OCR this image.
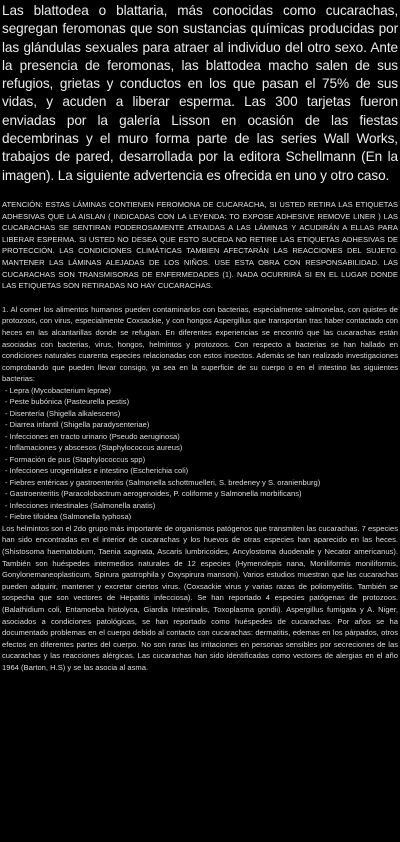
Las blattodea o blattaria, más conocidas como cucarachas, segregan feromonas que son sustancias químicas producidas por las glándulas sexuales para atraer al individuo del otro sexo. Ante la presencia de feromonas, las blattodea macho salen de sus refugios, grietas y conductos en los que pasan el 75% de sus vidas, y acuden a liberar esperma. Las 300 tarjetas fueron enviadas por la galería Lisson en ocasión de las fiestas decembrinas y el muro forma parte de las series Wall Works, trabajos de pared, desarrollada por la editora Schellmann (En la imagen). La siguiente advertencia es ofrecida en uno y otro caso.

ATENCIÓN: ESTAS LÁMINAS CONTIENEN FEROMONA DE CUCARACHA, SI USTED RETIRA LAS ETIQUETAS ADHESIVAS QUE LA AISLAN ( INDICADAS CON LA LEYENDA: TO EXPOSE ADHESIVE REMOVE LINER ) LAS CUCARACHAS SE SENTIRAN PODEROSAMENTE ATRAIDAS A LAS LÁMINAS Y ACUDIRÁN A ELLAS PARA LIBERAR ESPERMA. SI USTED NO DESEA QUE ESTO SUCEDA NO RETIRE LAS ETIQUETAS ADHESIVAS DE PROTECCIÓN. LAS CONDICIONES CLIMÁTICAS TAMBIEN AFECTARÁN LAS REACCIONES DEL SUJETO. MANTENER LAS LÁMINAS ALEJADAS DE LOS NIÑOS. USE ESTA OBRA CON RESPONSABILIDAD. LAS CUCARACHAS SON TRANSMISORAS DE ENFERMEDADES (1). NADA OCURRIRÁ SI EN EL LUGAR DONDE LAS ETIQUETAS SON RETIRADAS NO HAY CUCARACHAS.

1. Al comer los alimentos humanos pueden contaminarlos con bacterias, especialmente salmonelas, con quistes de protozoos, con virus, especialmente Coxsackie, y con hongos Aspergillus que transportan tras haber contactado con heces en las alcantarillas donde se refugian. En diferentes experiencias se encontró que las cucarachas están asociadas con bacterias, virus, hongos, helmintos y protozoos. Con respecto a bacterias se han hallado en condiciones naturales cuarenta especies relacionadas con estos insectos. Además se han realizado investigaciones comprobando que pueden llevar consigo, ya sea en la superficie de su cuerpo o en el intestino las siguientes bacterias:

- Lepra (Mycobacterium leprae)
- Peste bubónica (Pasteurella pestis)
- Disentería (Shigella alkalescens)
- Diarrea infantil (Shigella paradysenteriae)
- Infecciones en tracto urinario (Pseudo aeruginosa)
- Inflamaciones y abscesos (Staphylococcus aureus)
- Formación de pus (Staphylococcus spp)
- Infecciones urogenitales e intestino (Escherichia coli)
- Fiebres entéricas y gastroenteritis (Salmonella schottmuelleri, S. bredeney y S. oranienburg)
- Gastroenteritis (Paracolobactrum aerogenoides, P. coliforme y Salmonella morbificans)
- Infecciones intestinales (Salmonella anatis)
- Fiebre tifoidea (Salmonella typhosa)

Los helmintos son el 2do grupo más importante de organismos patógenos que transmiten las cucarachas. 7 especies han sido encontradas en el interior de cucarachas y los huevos de otras especies han aparecido en las heces. (Shistosoma haematobium, Taenia saginata, Ascaris lumbricoides, Ancylostoma duodenale y Necator americanus). También son huéspedes intermedios naturales de 12 especies (Hymenolepis nana, Moniliformis moniliformis, Gonylonemaneoplasticum, Spirura gastrophila y Oxyspirura mansoni). Varios estudios muestran que las cucarachas pueden adquirir, mantener y excretar ciertos virus. (Coxsackie virus y varias razas de poliomyelitis. También se sospecha que son vectores de Hepatitis infecciosa). Se han reportado 4 especies patógenas de protozoos. (Balathidium coli, Entamoeba histolyca, Giardia Intestinalis, Toxoplasma gondii). Aspergillus fumigata y A. Niger, asociados a condiciones patológicas, se han reportado como huéspedes de cucarachas. Por años se ha documentado problemas en el cuerpo debido al contacto con cucarachas: dermatitis, edemas en los párpados, otros efectos en diferentes partes del cuerpo. No son raras las irritaciones en personas sensibles por secreciones de las cucarachas y las reacciones alérgicas. Las cucarachas han sido identificadas como vectores de alergias en el año 1964 (Barton, H.S) y se las asocia al asma.
